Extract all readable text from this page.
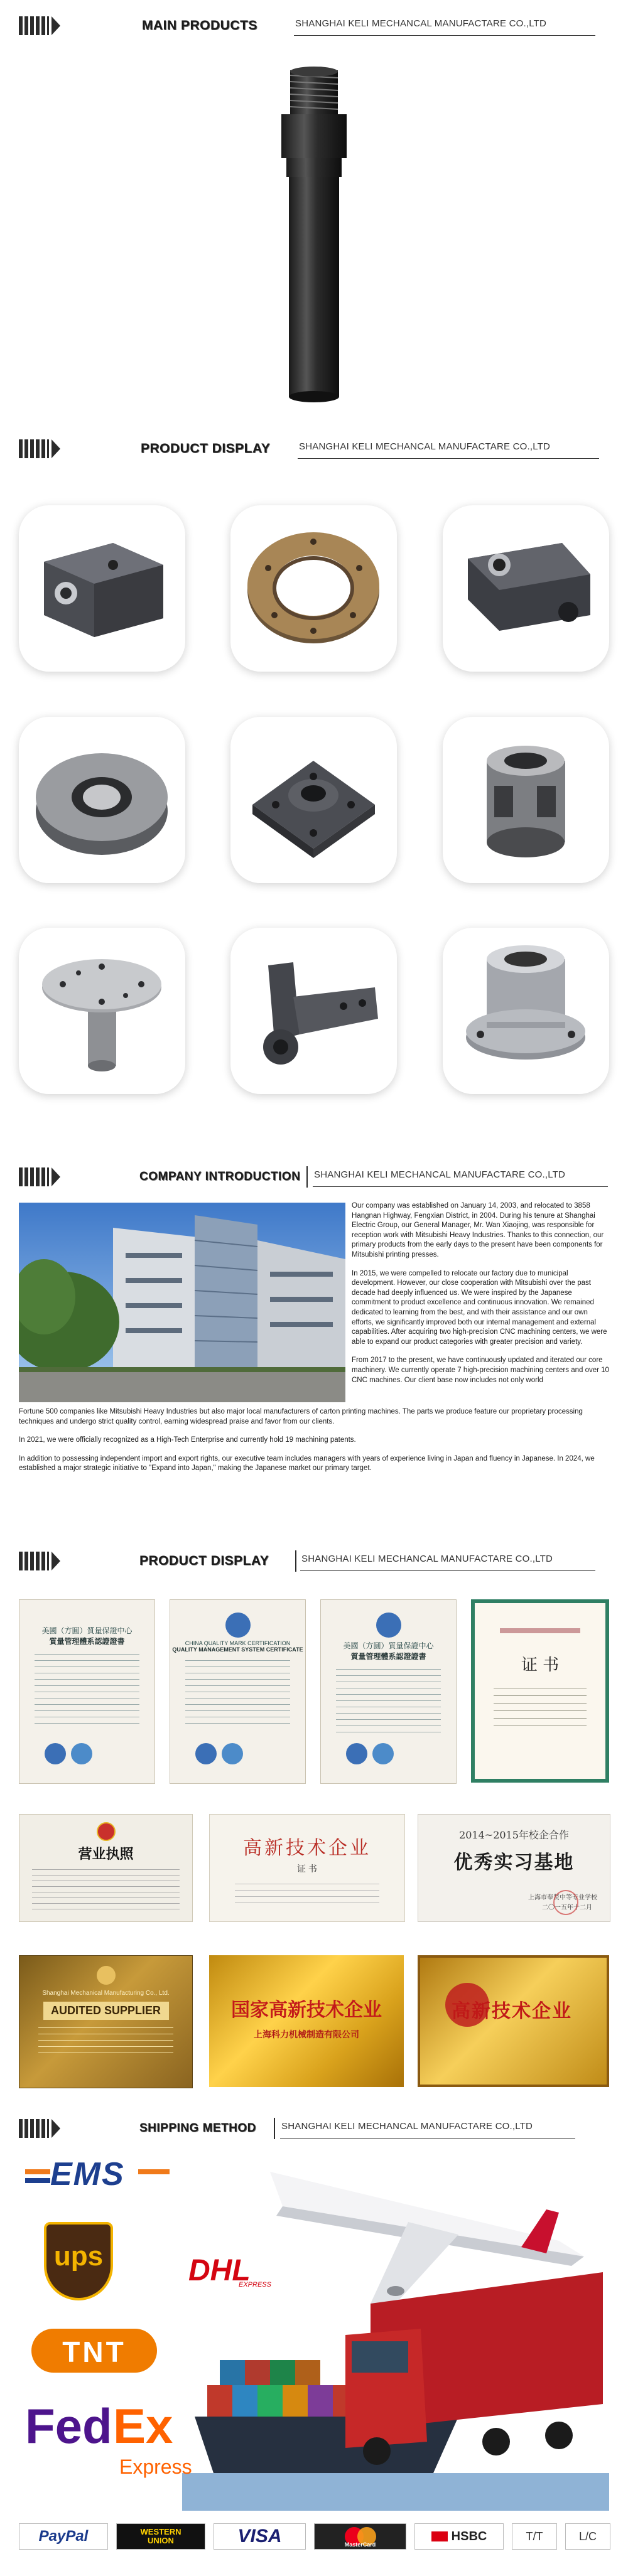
MAIN PRODUCTS	SHANGHAI KELI MECHANCAL MANUFACTARE CO.,LTD
PRODUCT DISPLAY	SHANGHAI KELI MECHANCAL MANUFACTARE CO.,LTD
COMPANY INTRODUCTION SHANGHAI KELI MECHANCAL MANUFACTARE CO.,LTD

Our company was established on January 14, 2003, and relocated to 3858 Hangnan Highway, Fengxian District, in 2004. During his tenure at Shanghai Electric Group, our General Manager, Mr. Wan Xiaojing, was responsible for reception work with Mitsubishi Heavy Industries. Thanks to this connection, our primary products from the early days to the present have been components for Mitsubishi printing presses.

In 2015, we were compelled to relocate our factory due to municipal development. However, our close cooperation with Mitsubishi over the past decade had deeply influenced us. We were inspired by the Japanese commitment to product excellence and continuous innovation. We remained dedicated to learning from the best, and with their assistance and our own efforts, we significantly improved both our internal management and external capabilities. After acquiring two high-precision CNC machining centers, we were able to expand our product categories with greater precision and variety.

From 2017 to the present, we have continuously updated and iterated our core machinery. We currently operate 7 high-precision machining centers and over 10 CNC machines. Our client base now includes not only world

Fortune 500 companies like Mitsubishi Heavy Industries but also major local manufacturers of carton printing machines. The parts we produce feature our proprietary processing techniques and undergo strict quality control, earning widespread praise and favor from our clients.

In 2021, we were officially recognized as a High-Tech Enterprise and currently hold 19 machining patents.

In addition to possessing independent import and export rights, our executive team includes managers with years of experience living in Japan and fluency in Japanese. In 2024, we established a major strategic initiative to "Expand into Japan," making the Japanese market our primary target.

PRODUCT DISPLAY	SHANGHAI KELI MECHANCAL MANUFACTARE CO.,LTD
美國（方圓）質量保證中心
質量管理體系認證證書	CHINA QUALITY MARK CERTIFICATION
QUALITY MANAGEMENT SYSTEM CERTIFICATE	美國（方圓）質量保證中心
質量管理體系認證證書	证 书
营业执照	高新技术企业
证 书
2014~2015年校企合作
优秀实习基地
上海市奉贤中等专业学校
二〇一五年十二月
Shanghai Mechanical Manufacturing Co., Ltd.
AUDITED SUPPLIER	国家高新技术企业
上海科力机械制造有限公司
高新技术企业
SHIPPING METHOD	SHANGHAI KELI MECHANCAL MANUFACTARE CO.,LTD
EMS
ups	DHL
EXPRESS
TNT
Fed Ex
Express
PayPal	WESTERN
UNION	VISA	MasterCard
HSBC	T/T	L/C
